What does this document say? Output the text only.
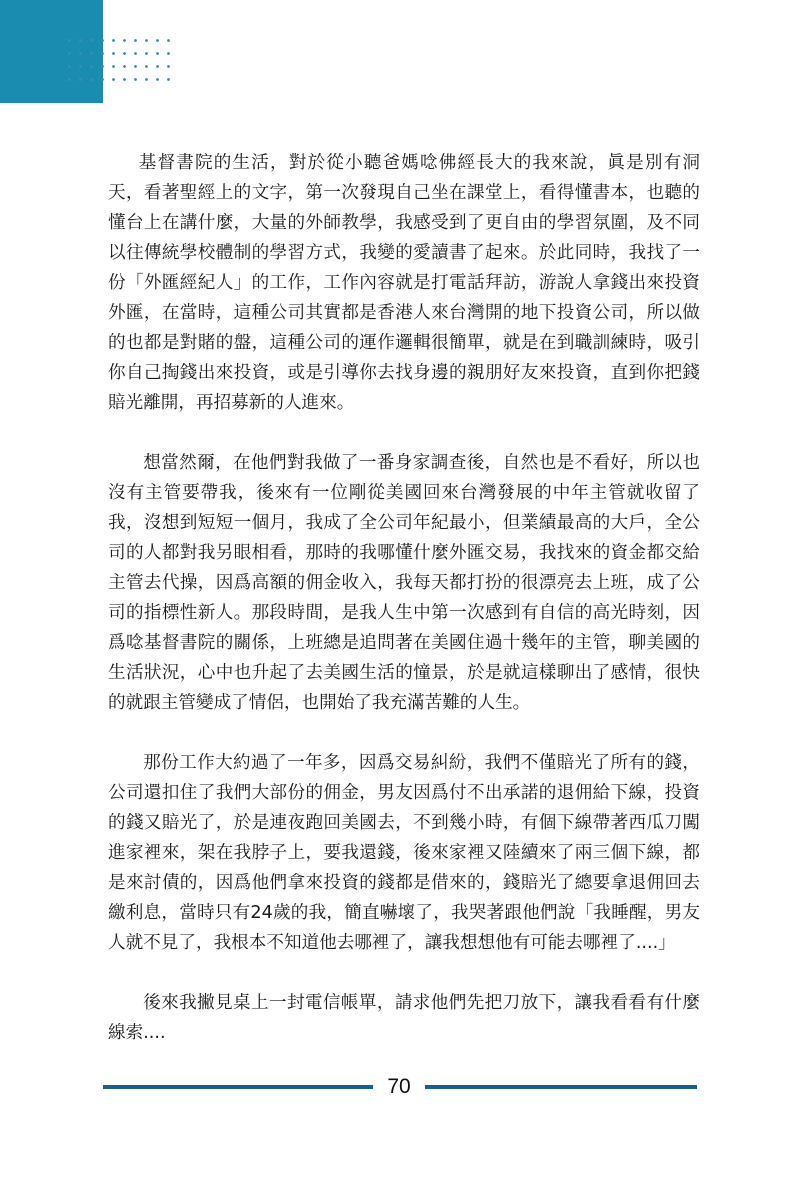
基督書院的生活，對於從小聽爸媽唸佛經長大的我來說，眞是別有洞天，看著聖經上的文字，第一次發現自己坐在課堂上，看得懂書本，也聽的懂台上在講什麼，大量的外師教學，我感受到了更自由的學習氛圍，及不同以往傳統學校體制的學習方式，我變的愛讀書了起來。於此同時，我找了一份「外匯經紀人」的工作，工作內容就是打電話拜訪，游說人拿錢出來投資外匯，在當時，這種公司其實都是香港人來台灣開的地下投資公司，所以做的也都是對賭的盤，這種公司的運作邏輯很簡單，就是在到職訓練時，吸引你自己掏錢出來投資，或是引導你去找身邊的親朋好友來投資，直到你把錢賠光離開，再招募新的人進來。

想當然爾，在他們對我做了一番身家調查後，自然也是不看好，所以也沒有主管要帶我，後來有一位剛從美國回來台灣發展的中年主管就收留了我，沒想到短短一個月，我成了全公司年紀最小，但業績最高的大戶，全公司的人都對我另眼相看，那時的我哪懂什麼外匯交易，我找來的資金都交給主管去代操，因爲高額的佣金收入，我每天都打扮的很漂亮去上班，成了公司的指標性新人。那段時間，是我人生中第一次感到有自信的高光時刻，因爲唸基督書院的關係，上班總是追問著在美國住過十幾年的主管，聊美國的生活狀況，心中也升起了去美國生活的憧景，於是就這樣聊出了感情，很快的就跟主管變成了情侶，也開始了我充滿苦難的人生。

那份工作大約過了一年多，因爲交易糾紛，我們不僅賠光了所有的錢，公司還扣住了我們大部份的佣金，男友因爲付不出承諾的退佣給下線，投資的錢又賠光了，於是連夜跑回美國去，不到幾小時，有個下線帶著西瓜刀闖進家裡來，架在我脖子上，要我還錢，後來家裡又陸續來了兩三個下線，都是來討債的，因爲他們拿來投資的錢都是借來的，錢賠光了總要拿退佣回去繳利息，當時只有24歲的我，簡直嚇壞了，我哭著跟他們說「我睡醒，男友人就不見了，我根本不知道他去哪裡了，讓我想想他有可能去哪裡了....」

後來我撇見桌上一封電信帳單，請求他們先把刀放下，讓我看看有什麼線索....

70
